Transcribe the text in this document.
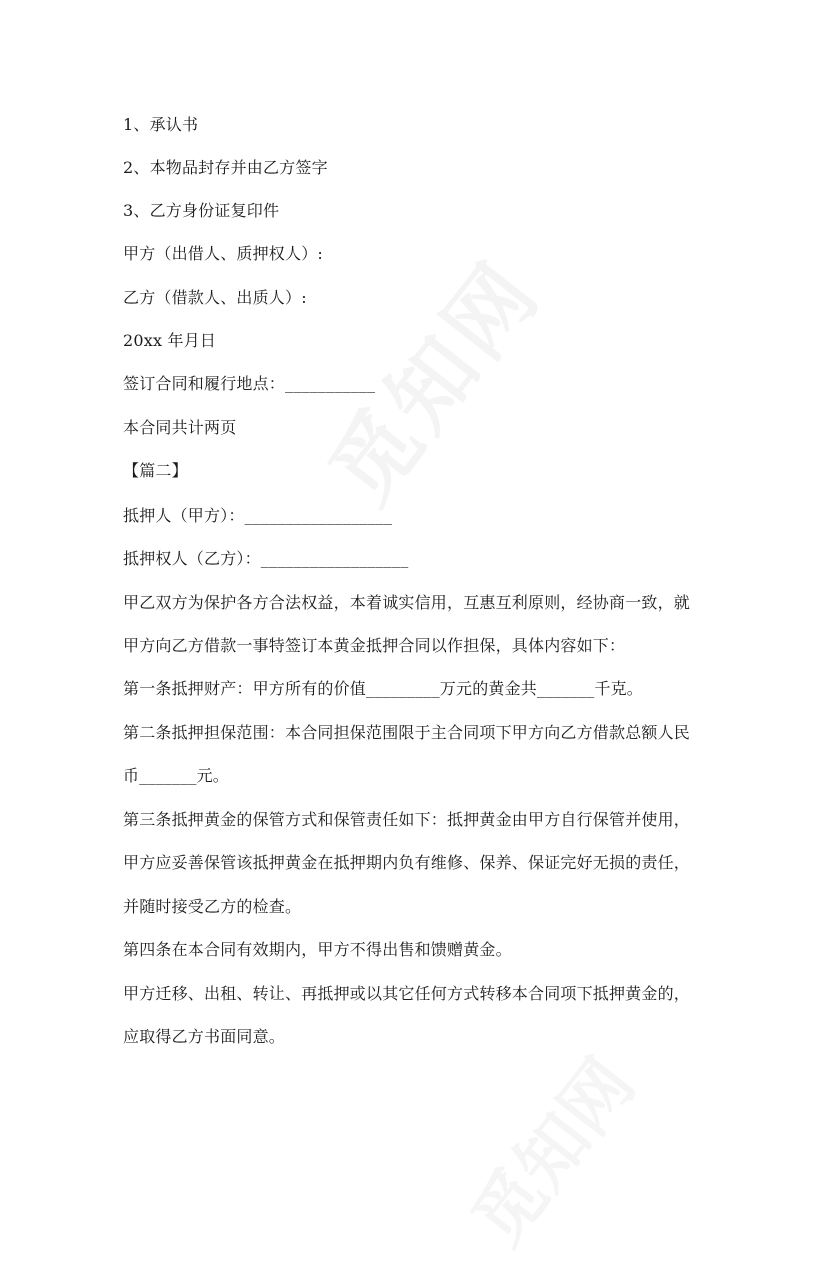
1、承认书
2、本物品封存并由乙方签字
3、乙方身份证复印件
甲方（出借人、质押权人）:
乙方（借款人、出质人）:
20xx 年月日
签订合同和履行地点：___________
本合同共计两页
【篇二】
抵押人（甲方）：__________________
抵押权人（乙方）：__________________
甲乙双方为保护各方合法权益，本着诚实信用，互惠互利原则，经协商一致，就
甲方向乙方借款一事特签订本黄金抵押合同以作担保，具体内容如下：
第一条抵押财产：甲方所有的价值_________万元的黄金共_______千克。
第二条抵押担保范围：本合同担保范围限于主合同项下甲方向乙方借款总额人民
币_______元。
第三条抵押黄金的保管方式和保管责任如下：抵押黄金由甲方自行保管并使用，
甲方应妥善保管该抵押黄金在抵押期内负有维修、保养、保证完好无损的责任，
并随时接受乙方的检查。
第四条在本合同有效期内，甲方不得出售和馈赠黄金。
甲方迁移、出租、转让、再抵押或以其它任何方式转移本合同项下抵押黄金的，
应取得乙方书面同意。
